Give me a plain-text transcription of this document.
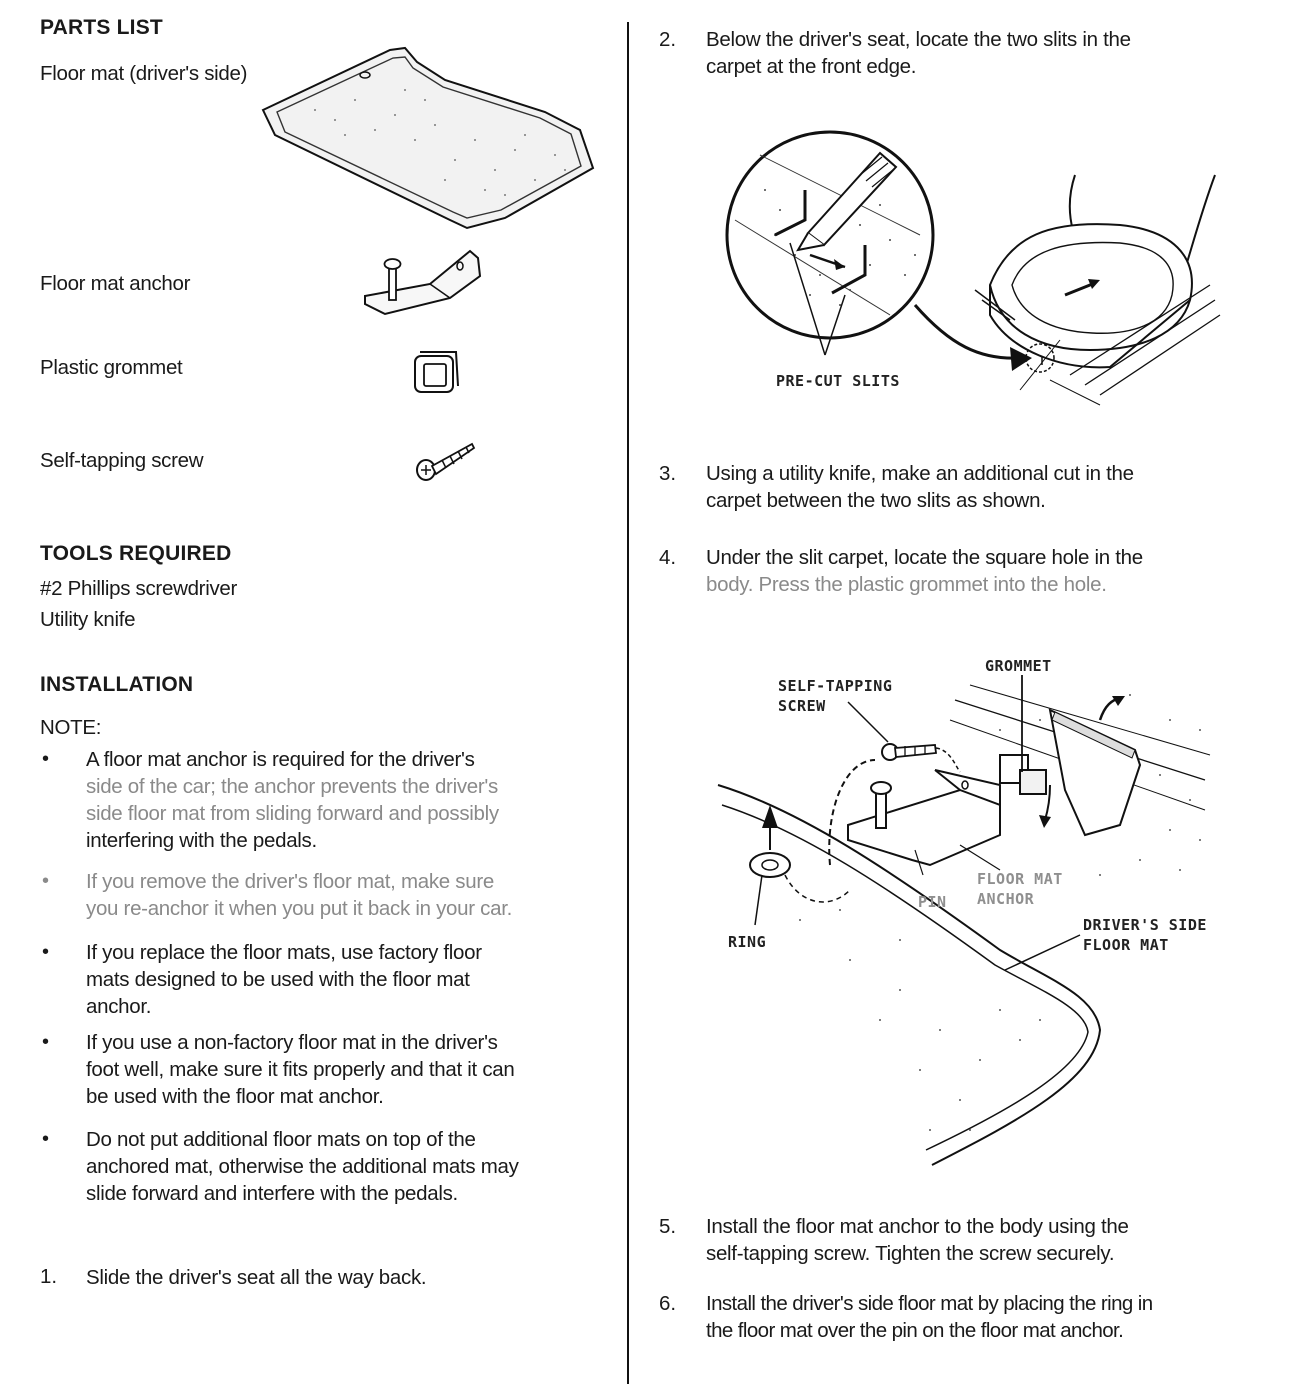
PARTS LIST
Floor mat (driver's side)
Floor mat anchor
Plastic grommet
Self-tapping screw
TOOLS REQUIRED
#2 Phillips screwdriver
Utility knife
INSTALLATION
NOTE:
• A floor mat anchor is required for the driver's
side of the car; the anchor prevents the driver's
side floor mat from sliding forward and possibly
interfering with the pedals.
• If you remove the driver's floor mat, make sure
you re-anchor it when you put it back in your car.
• If you replace the floor mats, use factory floor
mats designed to be used with the floor mat
anchor.
• If you use a non-factory floor mat in the driver's
foot well, make sure it fits properly and that it can
be used with the floor mat anchor.
• Do not put additional floor mats on top of the
anchored mat, otherwise the additional mats may
slide forward and interfere with the pedals.
1. Slide the driver's seat all the way back.
2. Below the driver's seat, locate the two slits in the
carpet at the front edge.
PRE-CUT SLITS
3. Using a utility knife, make an additional cut in the
carpet between the two slits as shown.
4. Under the slit carpet, locate the square hole in the
body. Press the plastic grommet into the hole.
SELF-TAPPING
SCREW
GROMMET
PIN
FLOOR MAT
ANCHOR
RING
DRIVER'S SIDE
FLOOR MAT
5. Install the floor mat anchor to the body using the
self-tapping screw. Tighten the screw securely.
6. Install the driver's side floor mat by placing the ring in
the floor mat over the pin on the floor mat anchor.
